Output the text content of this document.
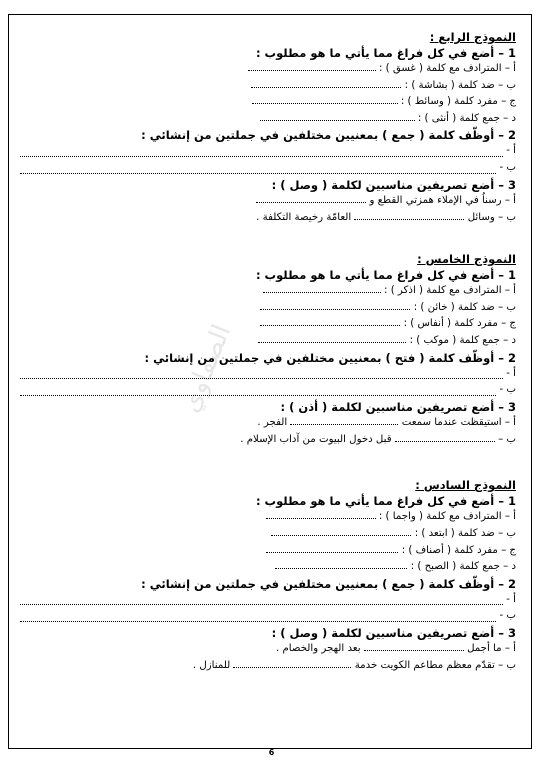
الصفاوي

النموذج الرابع :

1 – أضع في كل فراغ مما يأتي ما هو مطلوب :

أ – المترادف مع كلمة ( غسق ) :

ب – ضد كلمة ( بشاشة ) :

ج – مفرد كلمة ( وسائط ) :

د – جمع كلمة ( أنثى ) :

2 – أوظّف كلمة ( جمع ) بمعنيين مختلفين في جملتين من إنشائي :

أ -

ب -

3 – أضع تصريفين مناسبين لكلمة ( وصل ) :

أ – رسناُ في الإملاء همزتي القطع و

ب – وسائل  العامّة رخيصة التكلفة .

النموذج الخامس :

1 – أضع في كل فراغ مما يأتي ما هو مطلوب :

أ – المترادف مع كلمة ( اذكر ) :

ب – ضد كلمة ( خائن ) :

ج – مفرد كلمة ( أنفاس ) :

د – جمع كلمة ( موكب ) :

2 – أوظّف كلمة ( فتح ) بمعنيين مختلفين في جملتين من إنشائي :

أ -

ب -

3 – أضع تصريفين مناسبين لكلمة ( أذن ) :

أ – استيقظت عندما سمعت  الفجر .

ب –  قبل دخول البيوت من آداب الإسلام .

النموذج السادس :

1 – أضع في كل فراغ مما يأتي ما هو مطلوب :

أ – المترادف مع كلمة ( واجما ) :

ب – ضد كلمة ( ابتعد ) :

ج – مفرد كلمة ( أصناف ) :

د – جمع كلمة ( الصبح ) :

2 – أوظّف كلمة ( جمع ) بمعنيين مختلفين في جملتين من إنشائي :

أ -

ب -

3 – أضع تصريفين مناسبين لكلمة ( وصل ) :

أ – ما أجمل  بعد الهجر والخصام .

ب – تقدّم معظم مطاعم الكويت خدمة  للمنازل .

6
